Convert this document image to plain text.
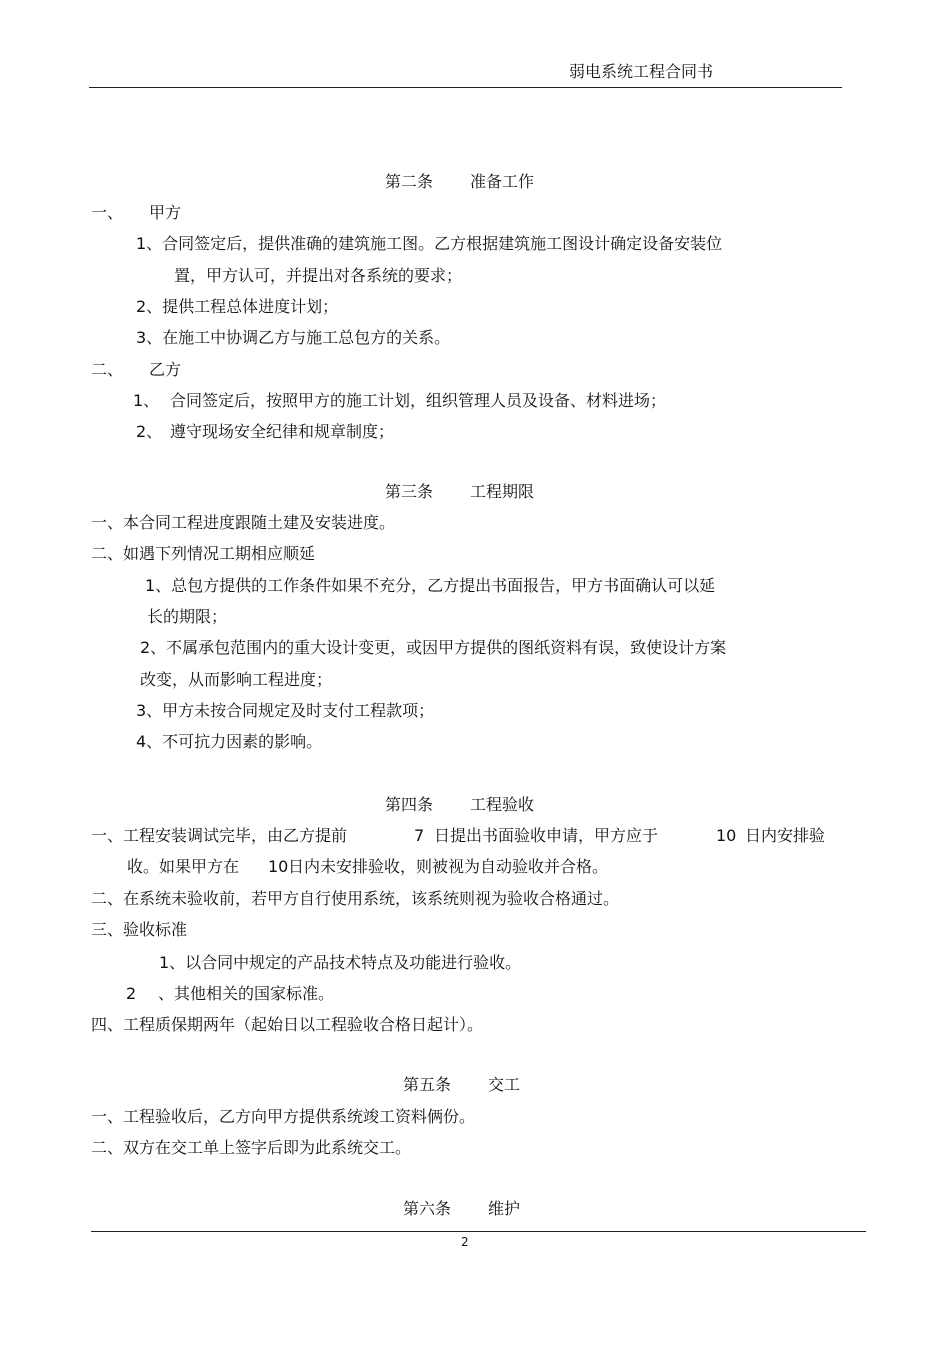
弱电系统工程合同书
第二条 准备工作
一、 甲方
1、合同签定后，提供准确的建筑施工图。乙方根据建筑施工图设计确定设备安装位
置，甲方认可，并提出对各系统的要求；
2、提供工程总体进度计划；
3、在施工中协调乙方与施工总包方的关系。
二、 乙方
1、 合同签定后，按照甲方的施工计划，组织管理人员及设备、材料进场；
2、 遵守现场安全纪律和规章制度；
第三条 工程期限
一、本合同工程进度跟随土建及安装进度。
二、如遇下列情况工期相应顺延
1、总包方提供的工作条件如果不充分，乙方提出书面报告，甲方书面确认可以延
长的期限；
2、不属承包范围内的重大设计变更，或因甲方提供的图纸资料有误，致使设计方案
改变，从而影响工程进度；
3、甲方未按合同规定及时支付工程款项；
4、不可抗力因素的影响。
第四条 工程验收
一、工程安装调试完毕，由乙方提前	7 日提出书面验收申请，甲方应于	10 日内安排验
收。如果甲方在 10 日内未安排验收，则被视为自动验收并合格。
二、在系统未验收前，若甲方自行使用系统，该系统则视为验收合格通过。
三、验收标准
1、以合同中规定的产品技术特点及功能进行验收。
2 、其他相关的国家标准。
四、工程质保期两年（起始日以工程验收合格日起计）。
第五条 交工
一、工程验收后，乙方向甲方提供系统竣工资料俩份。
二、双方在交工单上签字后即为此系统交工。
第六条 维护
2
